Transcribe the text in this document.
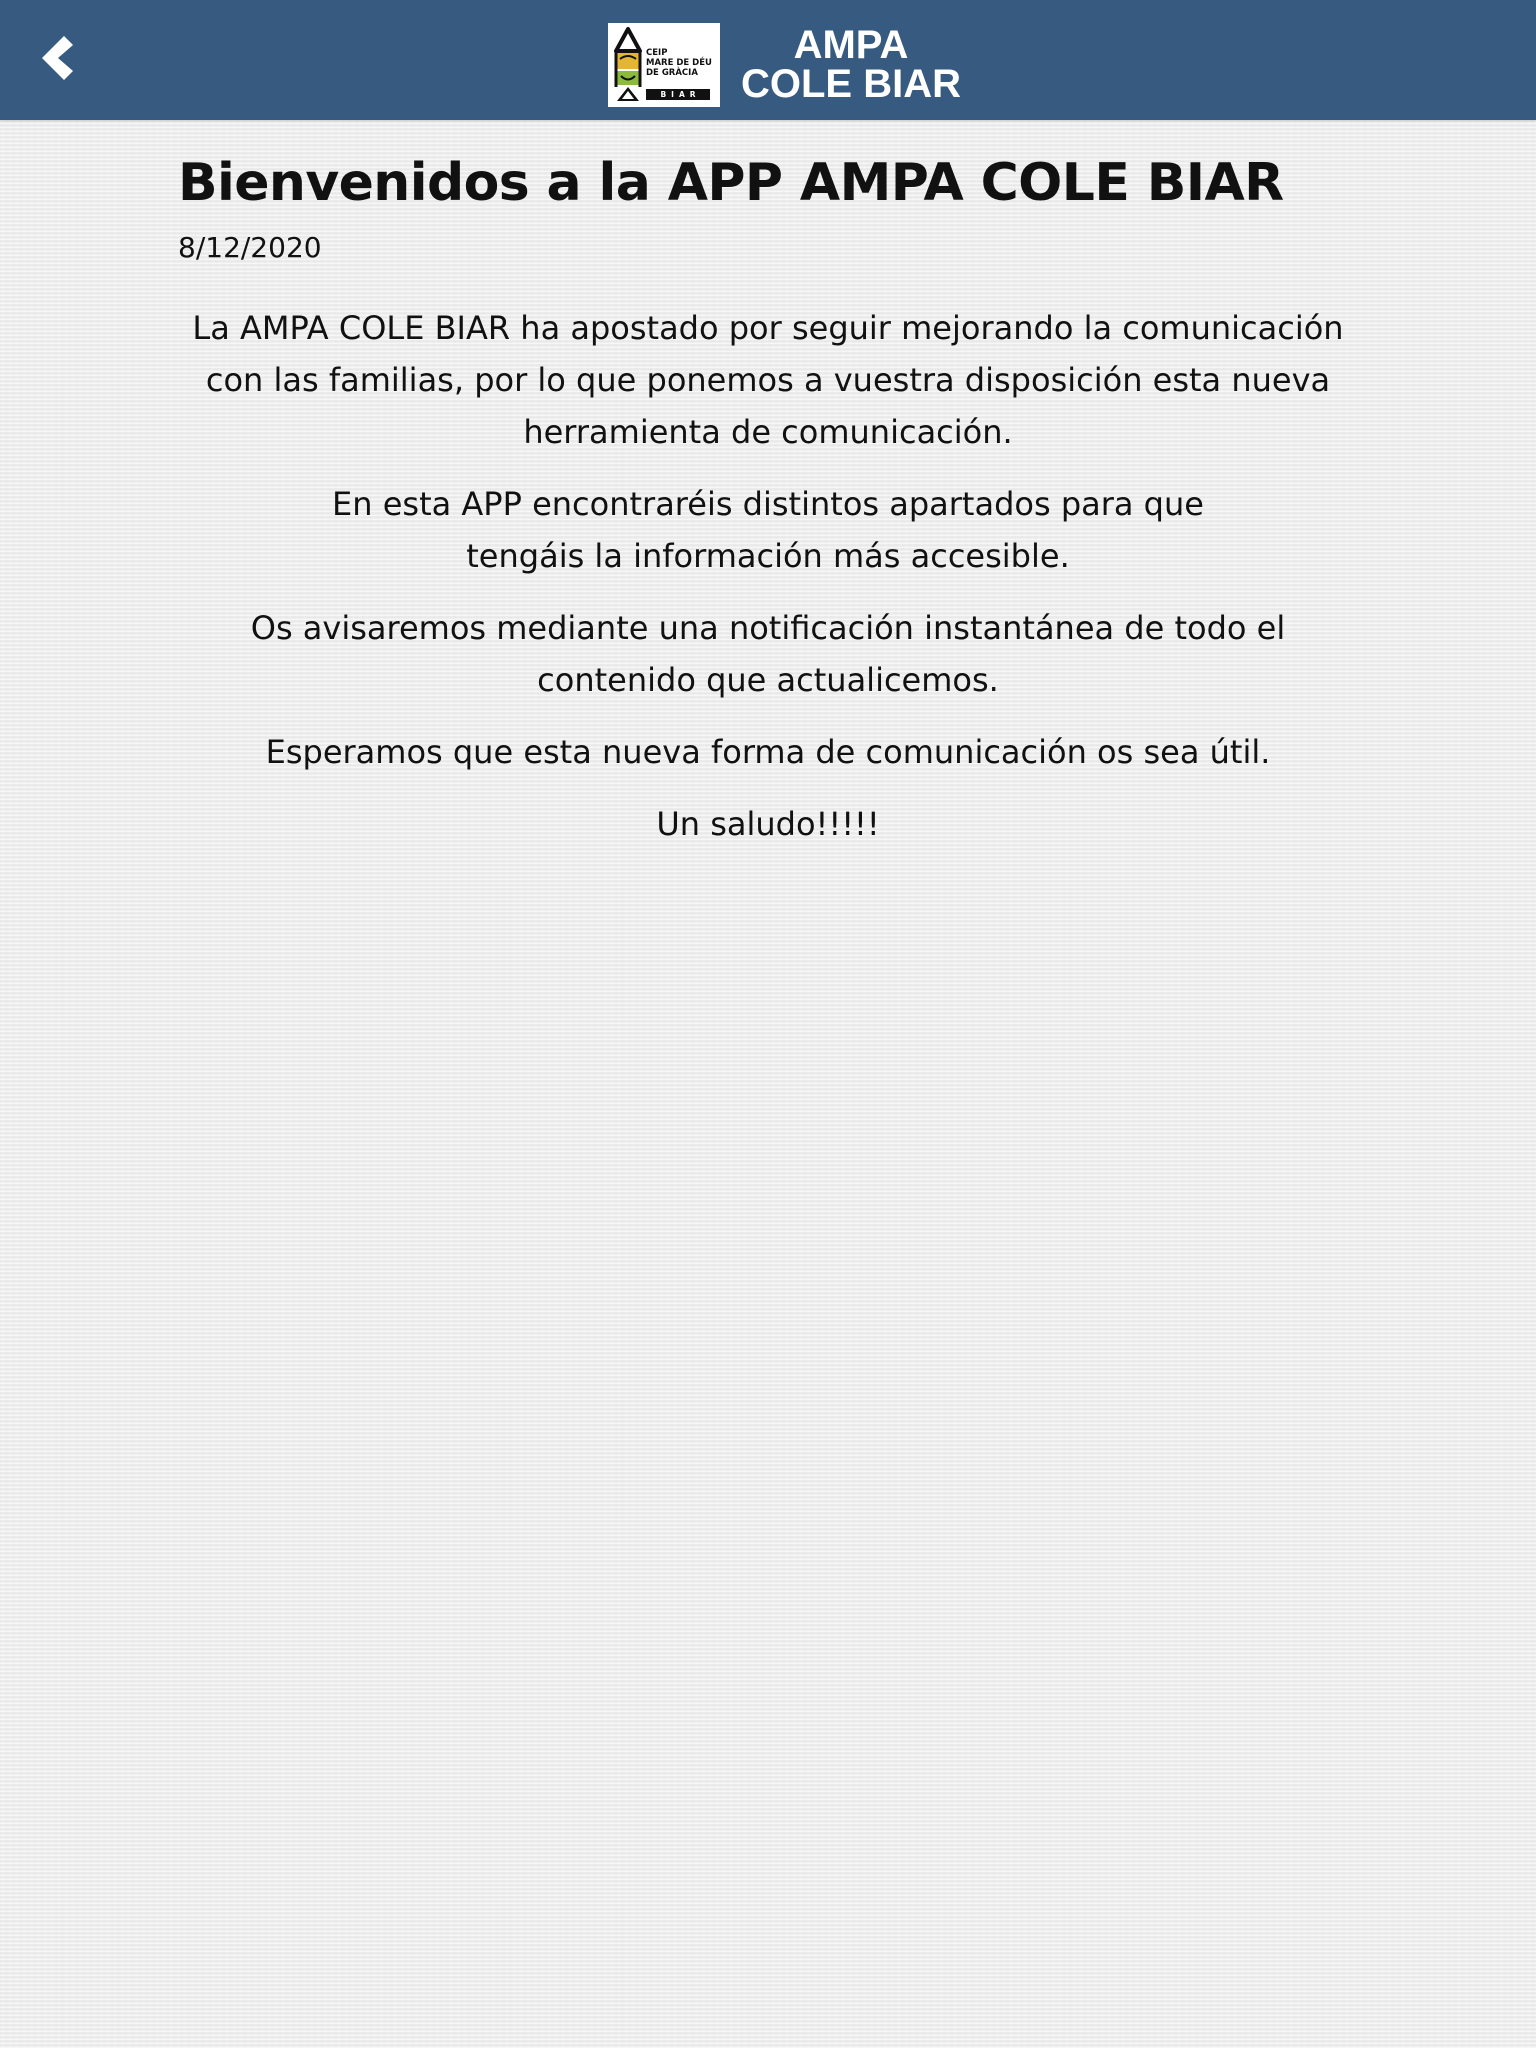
CEIP
MARE DE DÉU
DE GRÀCIA
BIAR
AMPA
COLE BIAR
Bienvenidos a la APP AMPA COLE BIAR
8/12/2020

La AMPA COLE BIAR ha apostado por seguir mejorando la comunicación con las familias, por lo que ponemos a vuestra disposición esta nueva herramienta de comunicación.

En esta APP encontraréis distintos apartados para que tengáis la información más accesible.

Os avisaremos mediante una notificación instantánea de todo el contenido que actualicemos.

Esperamos que esta nueva forma de comunicación os sea útil.

Un saludo!!!!!
